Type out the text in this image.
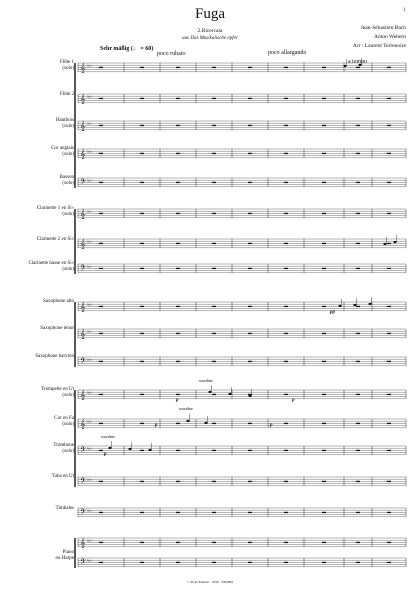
𝄞 ♭♭
𝄞 ♭♭
𝄞 ♭♭
𝄞 ♭♭
𝄢 ♭♭
𝄞 ♭♭
𝄞 ♭♭
𝄢 ♭♭
𝄞 ♭♭
𝄞 ♭♭
𝄢 ♭♭
𝄞 ♭♭
𝄞 ♭♭
𝄢 ♭♭
𝄢 ♭♭
𝄢 ♭♭
𝄞 ♭♭
𝄢 ♭♭
1
Fuga
2.Ricercata
aus Das Musikalische opfer
Jean-Sébastien Bach
Anton Webern
Arr : Laurent Terrenoire
Sehr mäßig (♩ = 60)
poco rubato	poco allargando
a tempo
Flûte 1
(solo)
Flûte 2

Hautbois
(solo)
Cor anglais
(solo)
Basson
(solo)
Clarinette 1 en Si♭
(solo)
Clarinette 2 en Si♭

Clarinette basse en Si♭
(solo)
Saxophone alto

Saxophone ténor

Saxophone baryton

Trompette en Ut
(solo)
Cor en Fa
(solo)
Trombone
(solo)
Tuba en Ut

Timbales

Piano
ou Harpe
pp
p	p
p	p
p
sourdine
sourdine
sourdine
© Profs Edition · 2010 · PE0009
